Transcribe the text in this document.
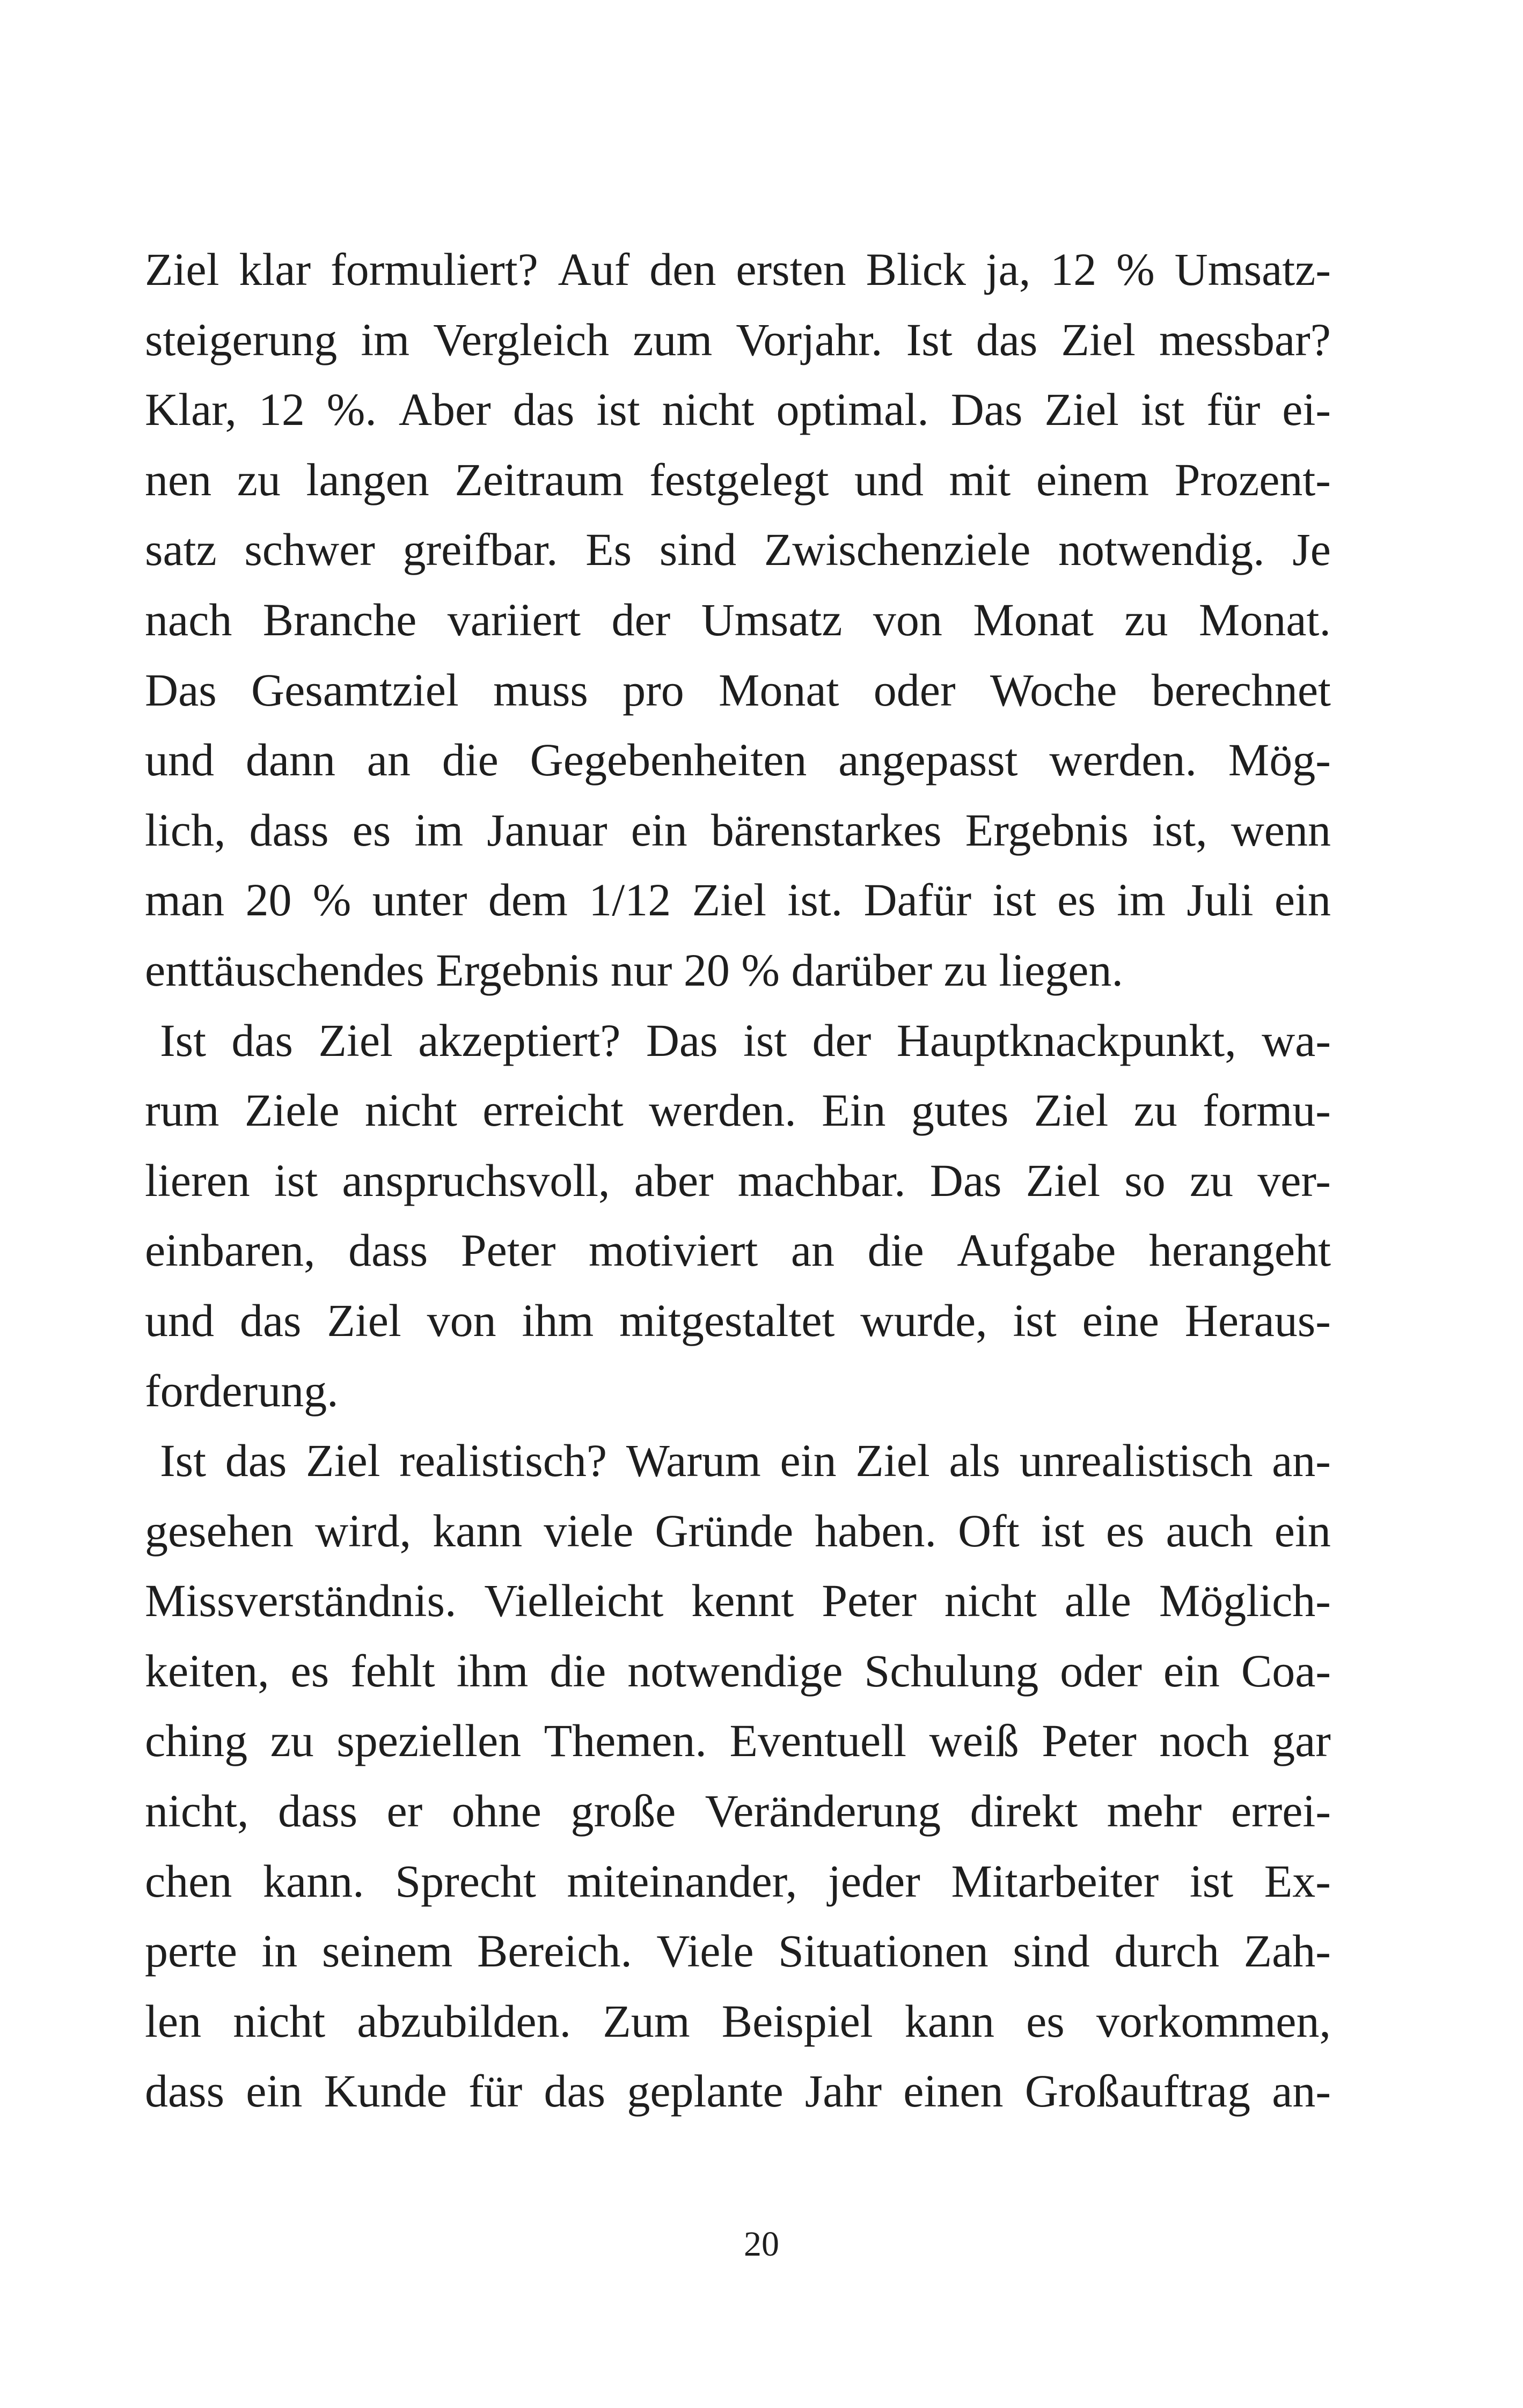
Ziel klar formuliert? Auf den ersten Blick ja, 12 % Umsatz-
steigerung im Vergleich zum Vorjahr. Ist das Ziel messbar?
Klar, 12 %. Aber das ist nicht optimal. Das Ziel ist für ei-
nen zu langen Zeitraum festgelegt und mit einem Prozent-
satz schwer greifbar. Es sind Zwischenziele notwendig. Je
nach Branche variiert der Umsatz von Monat zu Monat.
Das Gesamtziel muss pro Monat oder Woche berechnet
und dann an die Gegebenheiten angepasst werden. Mög-
lich, dass es im Januar ein bärenstarkes Ergebnis ist, wenn
man 20 % unter dem 1/12 Ziel ist. Dafür ist es im Juli ein
enttäuschendes
Ergebnis
nur
20
%
darüber
zu
liegen.
Ist das Ziel akzeptiert? Das ist der Hauptknackpunkt, wa-
rum Ziele nicht erreicht werden. Ein gutes Ziel zu formu-
lieren ist anspruchsvoll, aber machbar. Das Ziel so zu ver-
einbaren, dass Peter motiviert an die Aufgabe herangeht
und das Ziel von ihm mitgestaltet wurde, ist eine Heraus-
forderung.
Ist das Ziel realistisch? Warum ein Ziel als unrealistisch an-
gesehen wird, kann viele Gründe haben. Oft ist es auch ein
Missverständnis. Vielleicht kennt Peter nicht alle Möglich-
keiten, es fehlt ihm die notwendige Schulung oder ein Coa-
ching zu speziellen Themen. Eventuell weiß Peter noch gar
nicht, dass er ohne große Veränderung direkt mehr errei-
chen kann. Sprecht miteinander, jeder Mitarbeiter ist Ex-
perte in seinem Bereich. Viele Situationen sind durch Zah-
len nicht abzubilden. Zum Beispiel kann es vorkommen,
dass ein Kunde für das geplante Jahr einen Großauftrag an-
20
